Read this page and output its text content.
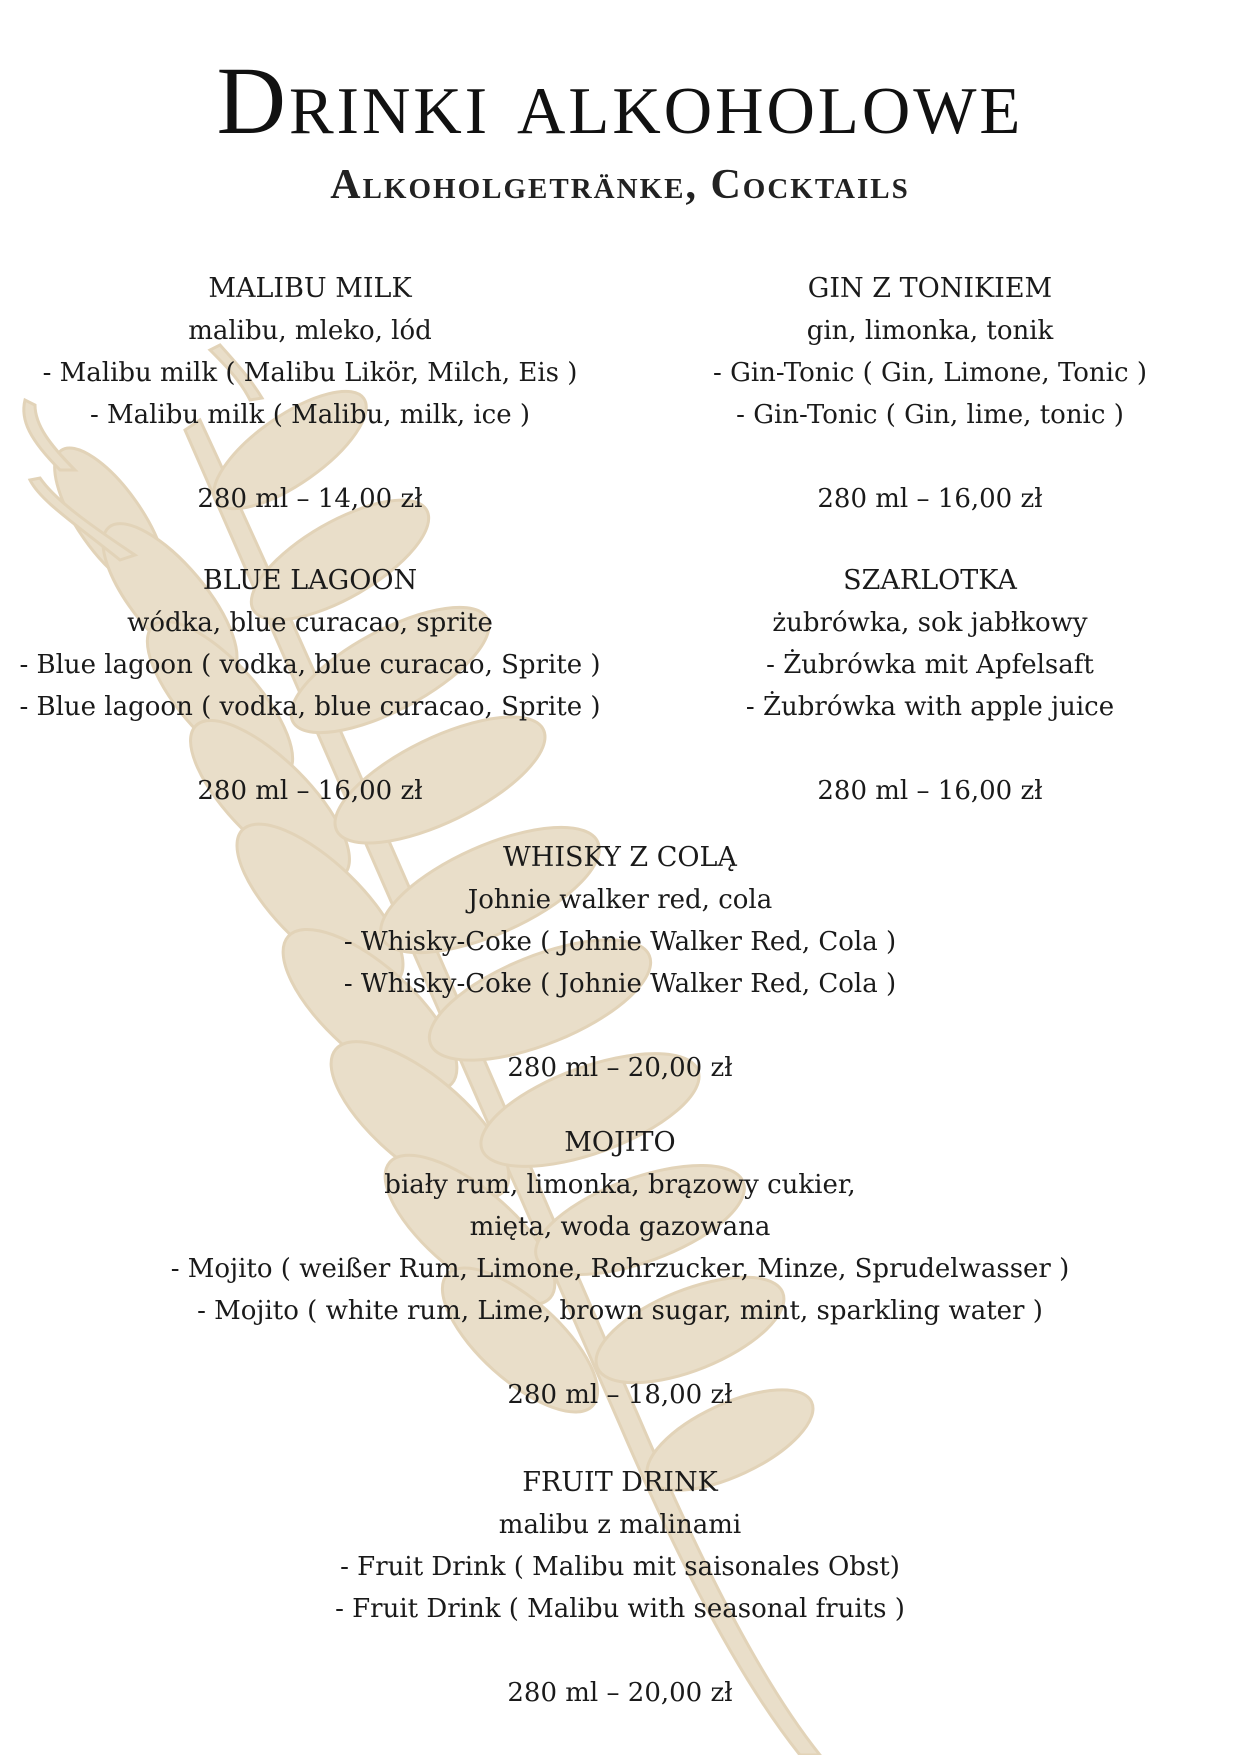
Drinki alkoholowe
Alkoholgetränke, Cocktails
MALIBU MILK
malibu, mleko, lód
- Malibu milk ( Malibu Likör, Milch, Eis )
- Malibu milk ( Malibu, milk, ice )
280 ml – 14,00 zł
GIN Z TONIKIEM
gin, limonka, tonik
- Gin-Tonic ( Gin, Limone, Tonic )
- Gin-Tonic ( Gin, lime, tonic )
280 ml – 16,00 zł
BLUE LAGOON
wódka, blue curacao, sprite
- Blue lagoon ( vodka, blue curacao, Sprite )
- Blue lagoon ( vodka, blue curacao, Sprite )
280 ml – 16,00 zł
SZARLOTKA
żubrówka, sok jabłkowy
- Żubrówka mit Apfelsaft
- Żubrówka with apple juice
280 ml – 16,00 zł
WHISKY Z COLĄ
Johnie walker red, cola
- Whisky-Coke ( Johnie Walker Red, Cola )
- Whisky-Coke ( Johnie Walker Red, Cola )
280 ml – 20,00 zł
MOJITO
biały rum, limonka, brązowy cukier,
mięta, woda gazowana
- Mojito ( weißer Rum, Limone, Rohrzucker, Minze, Sprudelwasser )
- Mojito ( white rum, Lime, brown sugar, mint, sparkling water )
280 ml – 18,00 zł
FRUIT DRINK
malibu z malinami
- Fruit Drink ( Malibu mit saisonales Obst)
- Fruit Drink ( Malibu with seasonal fruits )
280 ml – 20,00 zł
